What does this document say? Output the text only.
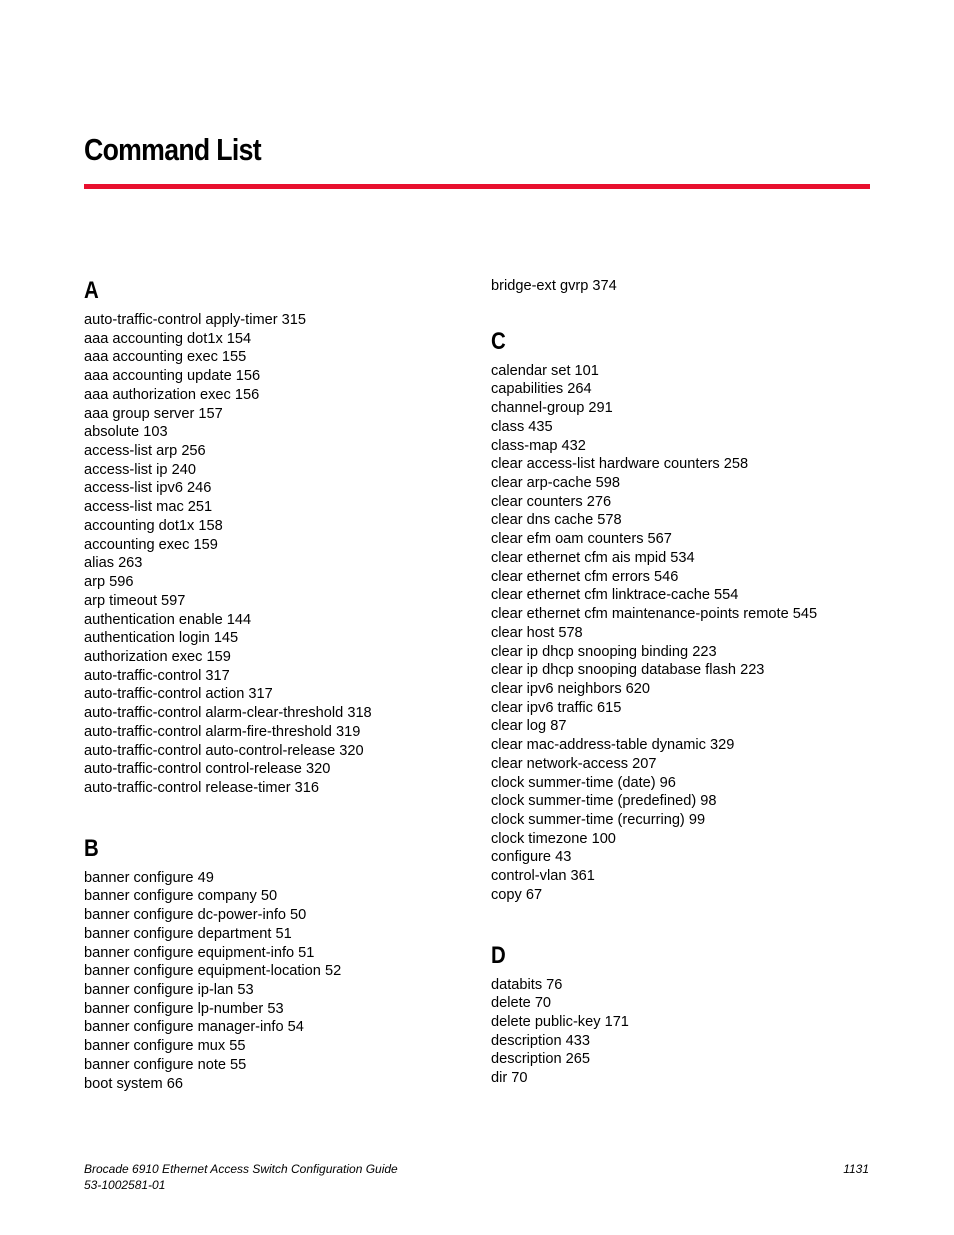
Command List
A
auto-traffic-control apply-timer 315
aaa accounting dot1x 154
aaa accounting exec 155
aaa accounting update 156
aaa authorization exec 156
aaa group server 157
absolute 103
access-list arp 256
access-list ip 240
access-list ipv6 246
access-list mac 251
accounting dot1x 158
accounting exec 159
alias 263
arp 596
arp timeout 597
authentication enable 144
authentication login 145
authorization exec 159
auto-traffic-control 317
auto-traffic-control action 317
auto-traffic-control alarm-clear-threshold 318
auto-traffic-control alarm-fire-threshold 319
auto-traffic-control auto-control-release 320
auto-traffic-control control-release 320
auto-traffic-control release-timer 316
B
banner configure 49
banner configure company 50
banner configure dc-power-info 50
banner configure department 51
banner configure equipment-info 51
banner configure equipment-location 52
banner configure ip-lan 53
banner configure lp-number 53
banner configure manager-info 54
banner configure mux 55
banner configure note 55
boot system 66
bridge-ext gvrp 374
C
calendar set 101
capabilities 264
channel-group 291
class 435
class-map 432
clear access-list hardware counters 258
clear arp-cache 598
clear counters 276
clear dns cache 578
clear efm oam counters 567
clear ethernet cfm ais mpid 534
clear ethernet cfm errors 546
clear ethernet cfm linktrace-cache 554
clear ethernet cfm maintenance-points remote 545
clear host 578
clear ip dhcp snooping binding 223
clear ip dhcp snooping database flash 223
clear ipv6 neighbors 620
clear ipv6 traffic 615
clear log 87
clear mac-address-table dynamic 329
clear network-access 207
clock summer-time (date) 96
clock summer-time (predefined) 98
clock summer-time (recurring) 99
clock timezone 100
configure 43
control-vlan 361
copy 67
D
databits 76
delete 70
delete public-key 171
description 433
description 265
dir 70
Brocade 6910 Ethernet Access Switch Configuration Guide
53-1002581-01
1131
